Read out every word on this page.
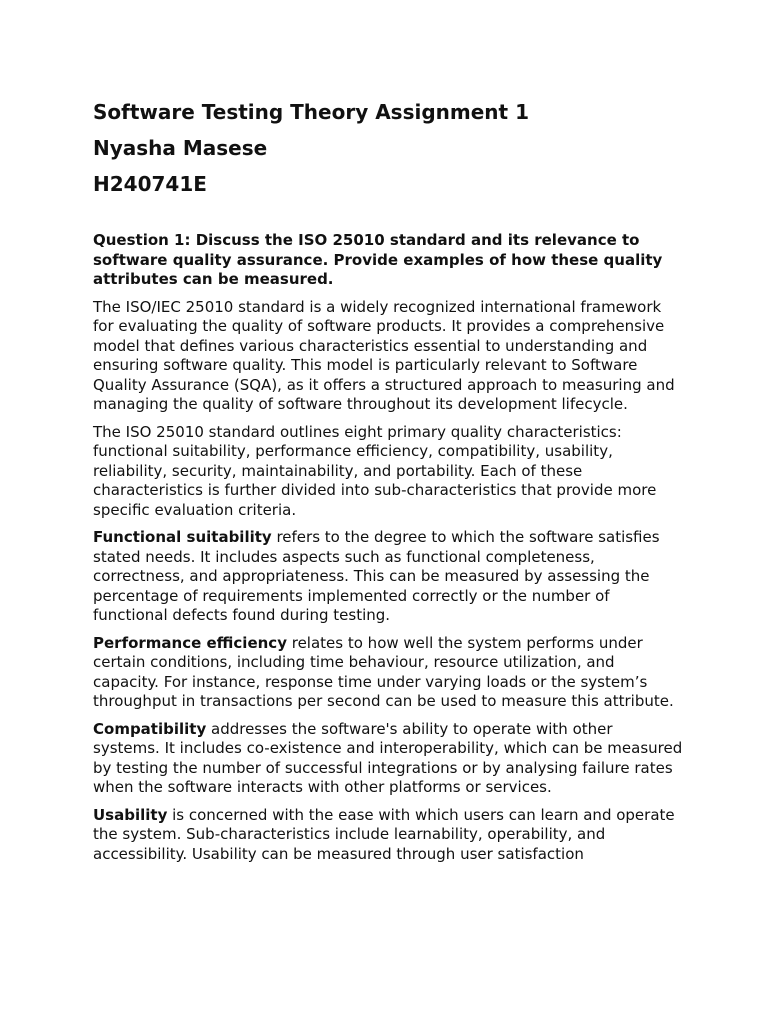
Software Testing Theory Assignment 1
Nyasha Masese
H240741E

Question 1: Discuss the ISO 25010 standard and its relevance to software quality assurance. Provide examples of how these quality attributes can be measured.

The ISO/IEC 25010 standard is a widely recognized international framework for evaluating the quality of software products. It provides a comprehensive model that defines various characteristics essential to understanding and ensuring software quality. This model is particularly relevant to Software Quality Assurance (SQA), as it offers a structured approach to measuring and managing the quality of software throughout its development lifecycle.

The ISO 25010 standard outlines eight primary quality characteristics: functional suitability, performance efficiency, compatibility, usability, reliability, security, maintainability, and portability. Each of these characteristics is further divided into sub-characteristics that provide more specific evaluation criteria.

Functional suitability refers to the degree to which the software satisfies stated needs. It includes aspects such as functional completeness, correctness, and appropriateness. This can be measured by assessing the percentage of requirements implemented correctly or the number of functional defects found during testing.

Performance efficiency relates to how well the system performs under certain conditions, including time behaviour, resource utilization, and capacity. For instance, response time under varying loads or the system’s throughput in transactions per second can be used to measure this attribute.

Compatibility addresses the software's ability to operate with other systems. It includes co-existence and interoperability, which can be measured by testing the number of successful integrations or by analysing failure rates when the software interacts with other platforms or services.

Usability is concerned with the ease with which users can learn and operate the system. Sub-characteristics include learnability, operability, and accessibility. Usability can be measured through user satisfaction
